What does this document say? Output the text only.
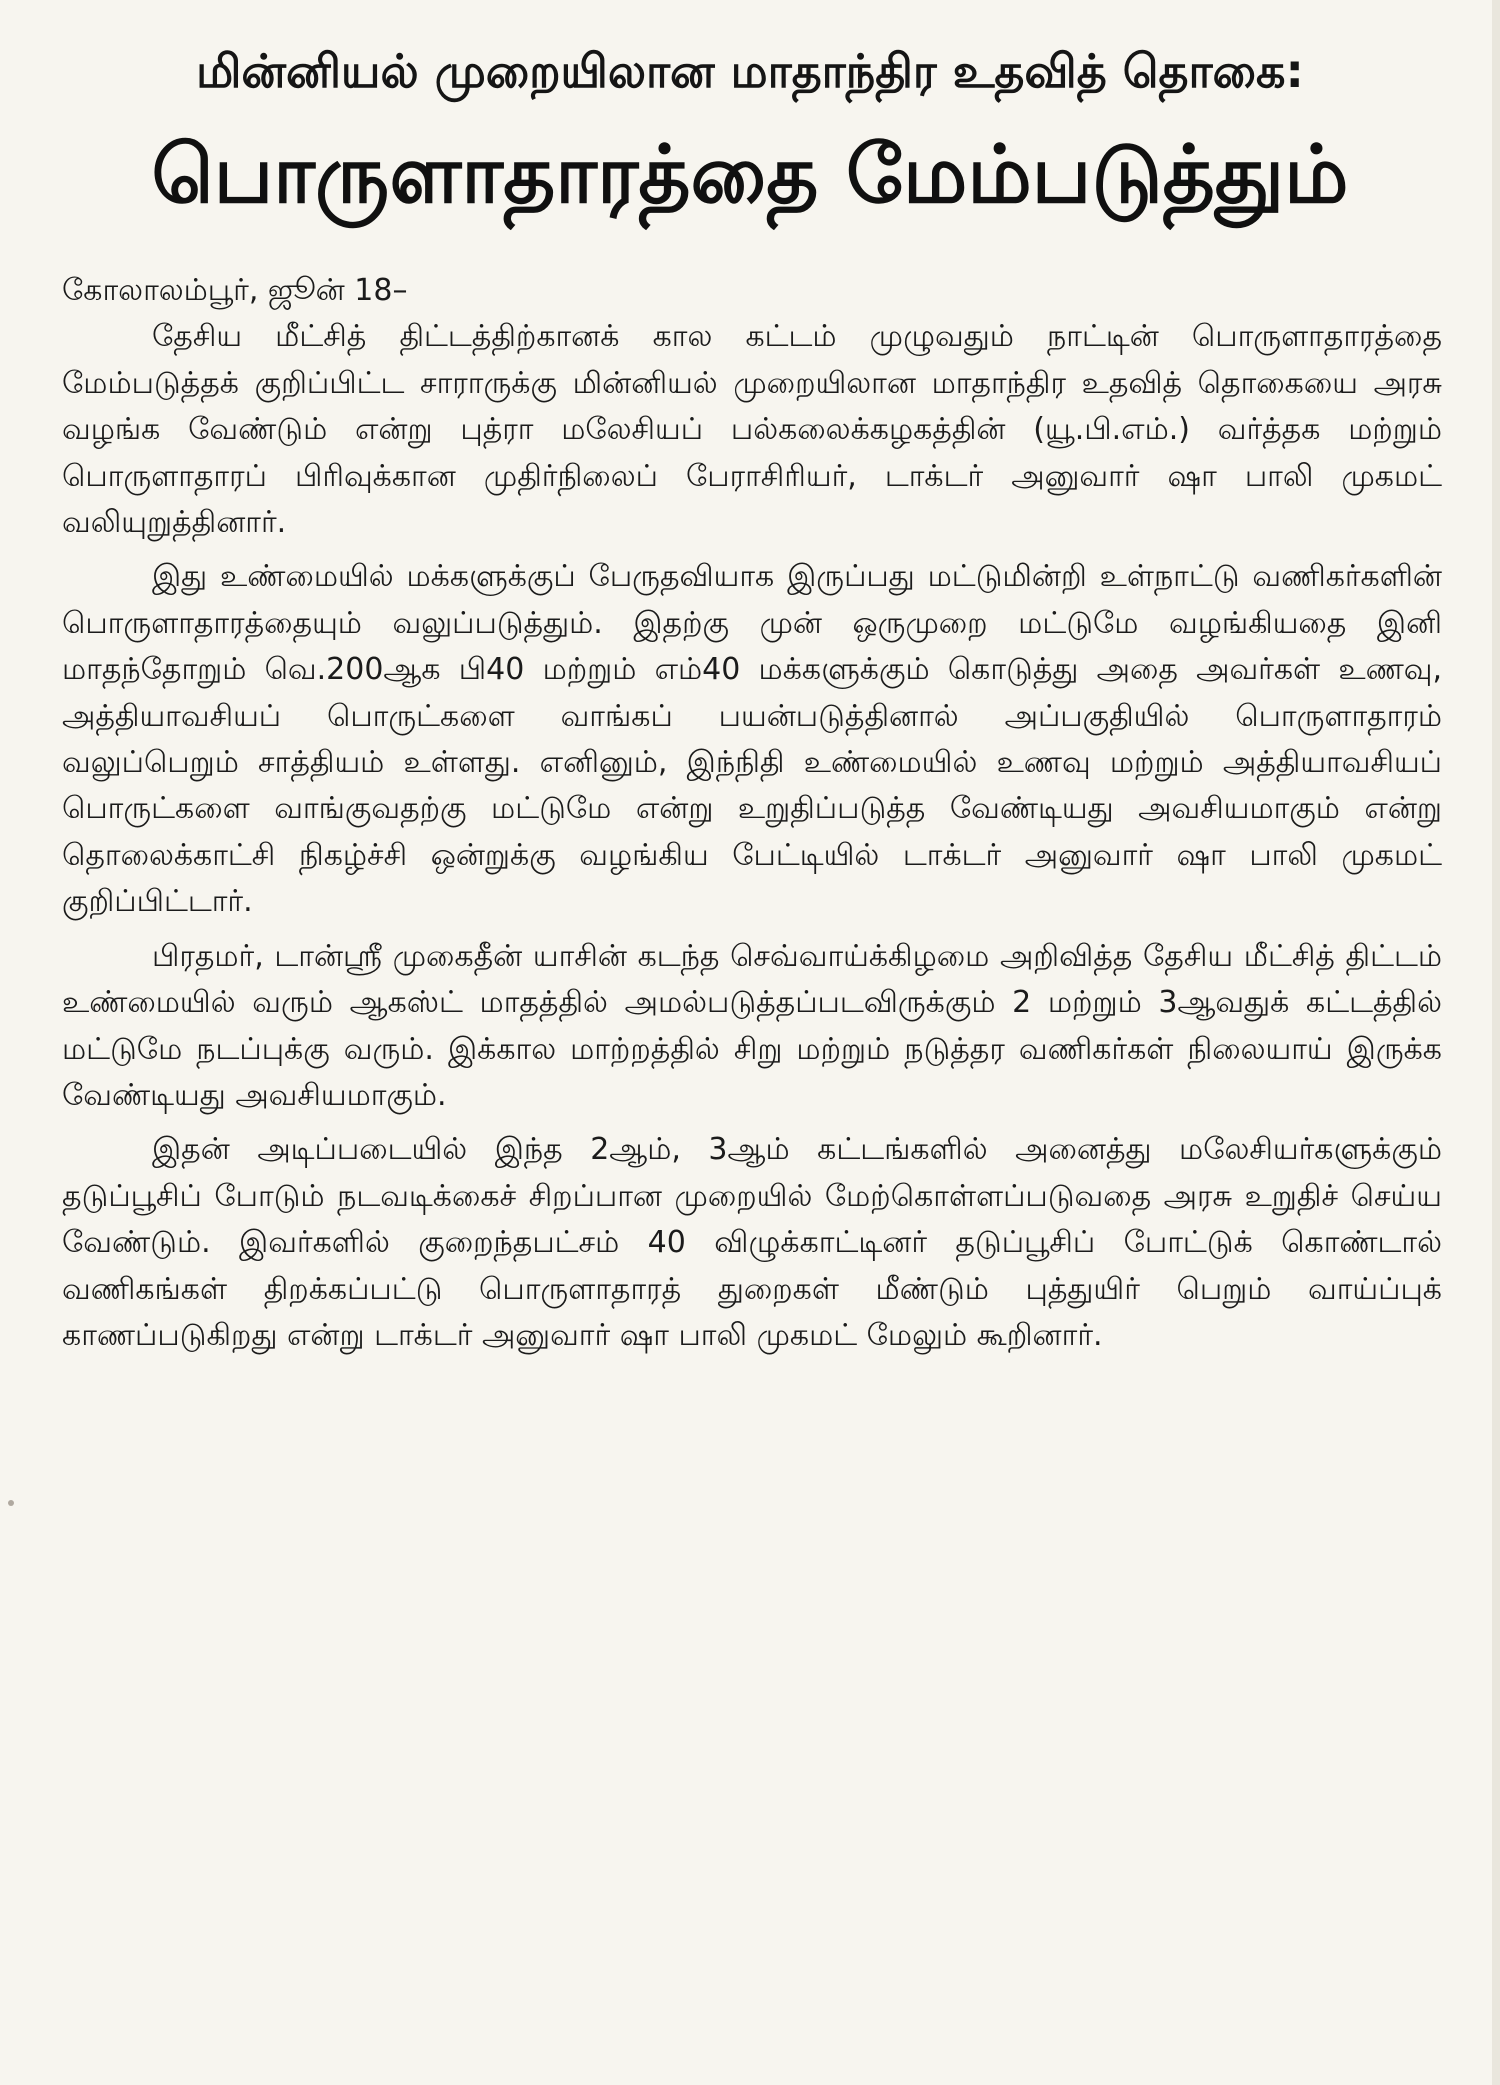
மின்னியல் முறையிலான மாதாந்திர உதவித் தொகை:
பொருளாதாரத்தை மேம்படுத்தும்

கோலாலம்பூர், ஜூன் 18–

தேசிய மீட்சித் திட்டத்திற்கானக் கால கட்டம் முழுவதும் நாட்டின் பொருளாதாரத்தை மேம்படுத்தக் குறிப்பிட்ட சாராருக்கு மின்னியல் முறையிலான மாதாந்திர உதவித் தொகையை அரசு வழங்க வேண்டும் என்று புத்ரா மலேசியப் பல்கலைக்கழகத்தின் (யூ.பி.எம்.) வர்த்தக மற்றும் பொருளாதாரப் பிரிவுக்கான முதிர்நிலைப் பேராசிரியர், டாக்டர் அனுவார் ஷா பாலி முகமட் வலியுறுத்தினார்.

இது உண்மையில் மக்களுக்குப் பேருதவியாக இருப்பது மட்டுமின்றி உள்நாட்டு வணிகர்களின் பொருளாதாரத்தையும் வலுப்படுத்தும். இதற்கு முன் ஒருமுறை மட்டுமே வழங்கியதை இனி மாதந்தோறும் வெ.200ஆக பி40 மற்றும் எம்40 மக்களுக்கும் கொடுத்து அதை அவர்கள் உணவு, அத்தியாவசியப் பொருட்களை வாங்கப் பயன்படுத்தினால் அப்பகுதியில் பொருளாதாரம் வலுப்பெறும் சாத்தியம் உள்ளது. எனினும், இந்நிதி உண்மையில் உணவு மற்றும் அத்தியாவசியப் பொருட்களை வாங்குவதற்கு மட்டுமே என்று உறுதிப்படுத்த வேண்டியது அவசியமாகும் என்று தொலைக்காட்சி நிகழ்ச்சி ஒன்றுக்கு வழங்கிய பேட்டியில் டாக்டர் அனுவார் ஷா பாலி முகமட் குறிப்பிட்டார்.

பிரதமர், டான்ஸ்ரீ முகைதீன் யாசின் கடந்த செவ்வாய்க்கிழமை அறிவித்த தேசிய மீட்சித் திட்டம் உண்மையில் வரும் ஆகஸ்ட் மாதத்தில் அமல்படுத்தப்படவிருக்கும் 2 மற்றும் 3ஆவதுக் கட்டத்தில் மட்டுமே நடப்புக்கு வரும். இக்கால மாற்றத்தில் சிறு மற்றும் நடுத்தர வணிகர்கள் நிலையாய் இருக்க வேண்டியது அவசியமாகும்.

இதன் அடிப்படையில் இந்த 2ஆம், 3ஆம் கட்டங்களில் அனைத்து மலேசியர்களுக்கும் தடுப்பூசிப் போடும் நடவடிக்கைச் சிறப்பான முறையில் மேற்கொள்ளப்படுவதை அரசு உறுதிச் செய்ய வேண்டும். இவர்களில் குறைந்தபட்சம் 40 விழுக்காட்டினர் தடுப்பூசிப் போட்டுக் கொண்டால் வணிகங்கள் திறக்கப்பட்டு பொருளாதாரத் துறைகள் மீண்டும் புத்துயிர் பெறும் வாய்ப்புக் காணப்படுகிறது என்று டாக்டர் அனுவார் ஷா பாலி முகமட் மேலும் கூறினார்.
